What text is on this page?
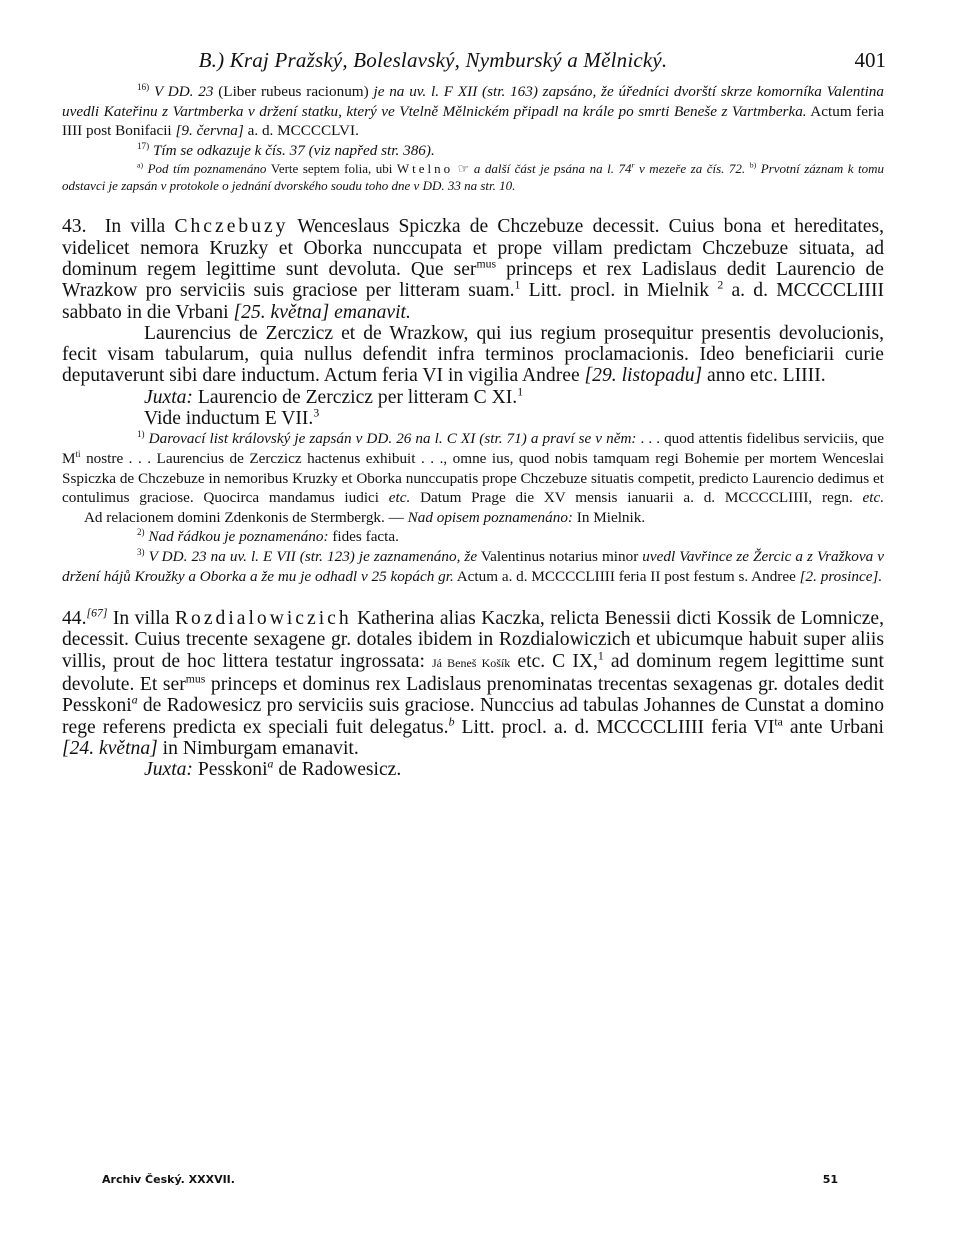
B.) Kraj Pražský, Boleslavský, Nymburský a Mělnický.	401

$^{16)}$ V DD. 23 (Liber rubeus racionum) je na uv. l. F XII (str. 163) zapsáno, že úředníci dvorští skrze komorníka Valentina uvedli Kateřinu z Vartmberka v držení statku, který ve Vtelně Mělnickém připadl na krále po smrti Beneše z Vartmberka. Actum feria IIII post Bonifacii [9. června] a. d. MCCCCLVI.

$^{17)}$ Tím se odkazuje k čís. 37 (viz napřed str. 386).

$^{a)}$ Pod tím poznamenáno Verte septem folia, ubi Wtelno ☞ a další část je psána na l. 74$^r$ v mezeře za čís. 72. $^{b)}$ Prvotní záznam k tomu odstavci je zapsán v protokole o jednání dvorského soudu toho dne v DD. 33 na str. 10.

43.  In villa Chczebuzy Wenceslaus Spiczka de Chczebuze decessit. Cuius bona et hereditates, videlicet nemora Kruzky et Oborka nunccupata et prope villam predictam Chczebuze situata, ad dominum regem legittime sunt devoluta. Que ser$^{mus}$ princeps et rex Ladislaus dedit Laurencio de Wrazkow pro serviciis suis graciose per litteram suam.$^1$ Litt. procl. in Mielnik $^2$ a. d. MCCCCLIIII sabbato in die Vrbani [25. května] emanavit.

Laurencius de Zerczicz et de Wrazkow, qui ius regium prosequitur presentis devolucionis, fecit visam tabularum, quia nullus defendit infra terminos proclamacionis. Ideo beneficiarii curie deputaverunt sibi dare inductum. Actum feria VI in vigilia Andree [29. listopadu] anno etc. LIIII.

Juxta: Laurencio de Zerczicz per litteram C XI.$^1$

Vide inductum E VII.$^3$

$^{1)}$ Darovací list královský je zapsán v DD. 26 na l. C XI (str. 71) a praví se v něm: . . . quod attentis fidelibus serviciis, que $M^{ti}$ nostre . . . Laurencius de Zerczicz hactenus exhibuit . . ., omne ius, quod nobis tamquam regi Bohemie per mortem Wenceslai Sspiczka de Chczebuze in nemoribus Kruzky et Oborka nunccupatis prope Chczebuze situatis competit, predicto Laurencio dedimus et contulimus graciose. Quocirca mandamus iudici etc. Datum Prage die XV mensis ianuarii a. d. MCCCCLIIII, regn. etc.      Ad relacionem domini Zdenkonis de Stermbergk. — Nad opisem poznamenáno: In Mielnik.

$^{2)}$ Nad řádkou je poznamenáno: fides facta.

$^{3)}$ V DD. 23 na uv. l. E VII (str. 123) je zaznamenáno, že Valentinus notarius minor uvedl Vavřince ze Žercic a z Vražkova v držení hájů Kroužky a Oborka a že mu je odhadl v 25 kopách gr. Actum a. d. MCCCCLIIII feria II post festum s. Andree [2. prosince].

44.[67] In villa Rozdialowiczich Katherina alias Kaczka, relicta Benessii dicti Kossik de Lomnicze, decessit. Cuius trecente sexagene gr. dotales ibidem in Rozdialowiczich et ubicumque habuit super aliis villis, prout de hoc littera testatur ingrossata: Já Beneš Košík etc. C IX,$^1$ ad dominum regem legittime sunt devolute. Et ser$^{mus}$ princeps et dominus rex Ladislaus prenominatas trecentas sexagenas gr. dotales dedit Pesskoni$^a$ de Radowesicz pro serviciis suis graciose. Nunccius ad tabulas Johannes de Cunstat a domino rege referens predicta ex speciali fuit delegatus.$^b$ Litt. procl. a. d. MCCCCLIIII feria $VI^{ta}$ ante Urbani [24. května] in Nimburgam emanavit.

Juxta: Pesskoni$^a$ de Radowesicz.

Archiv Český. XXXVII.	51
